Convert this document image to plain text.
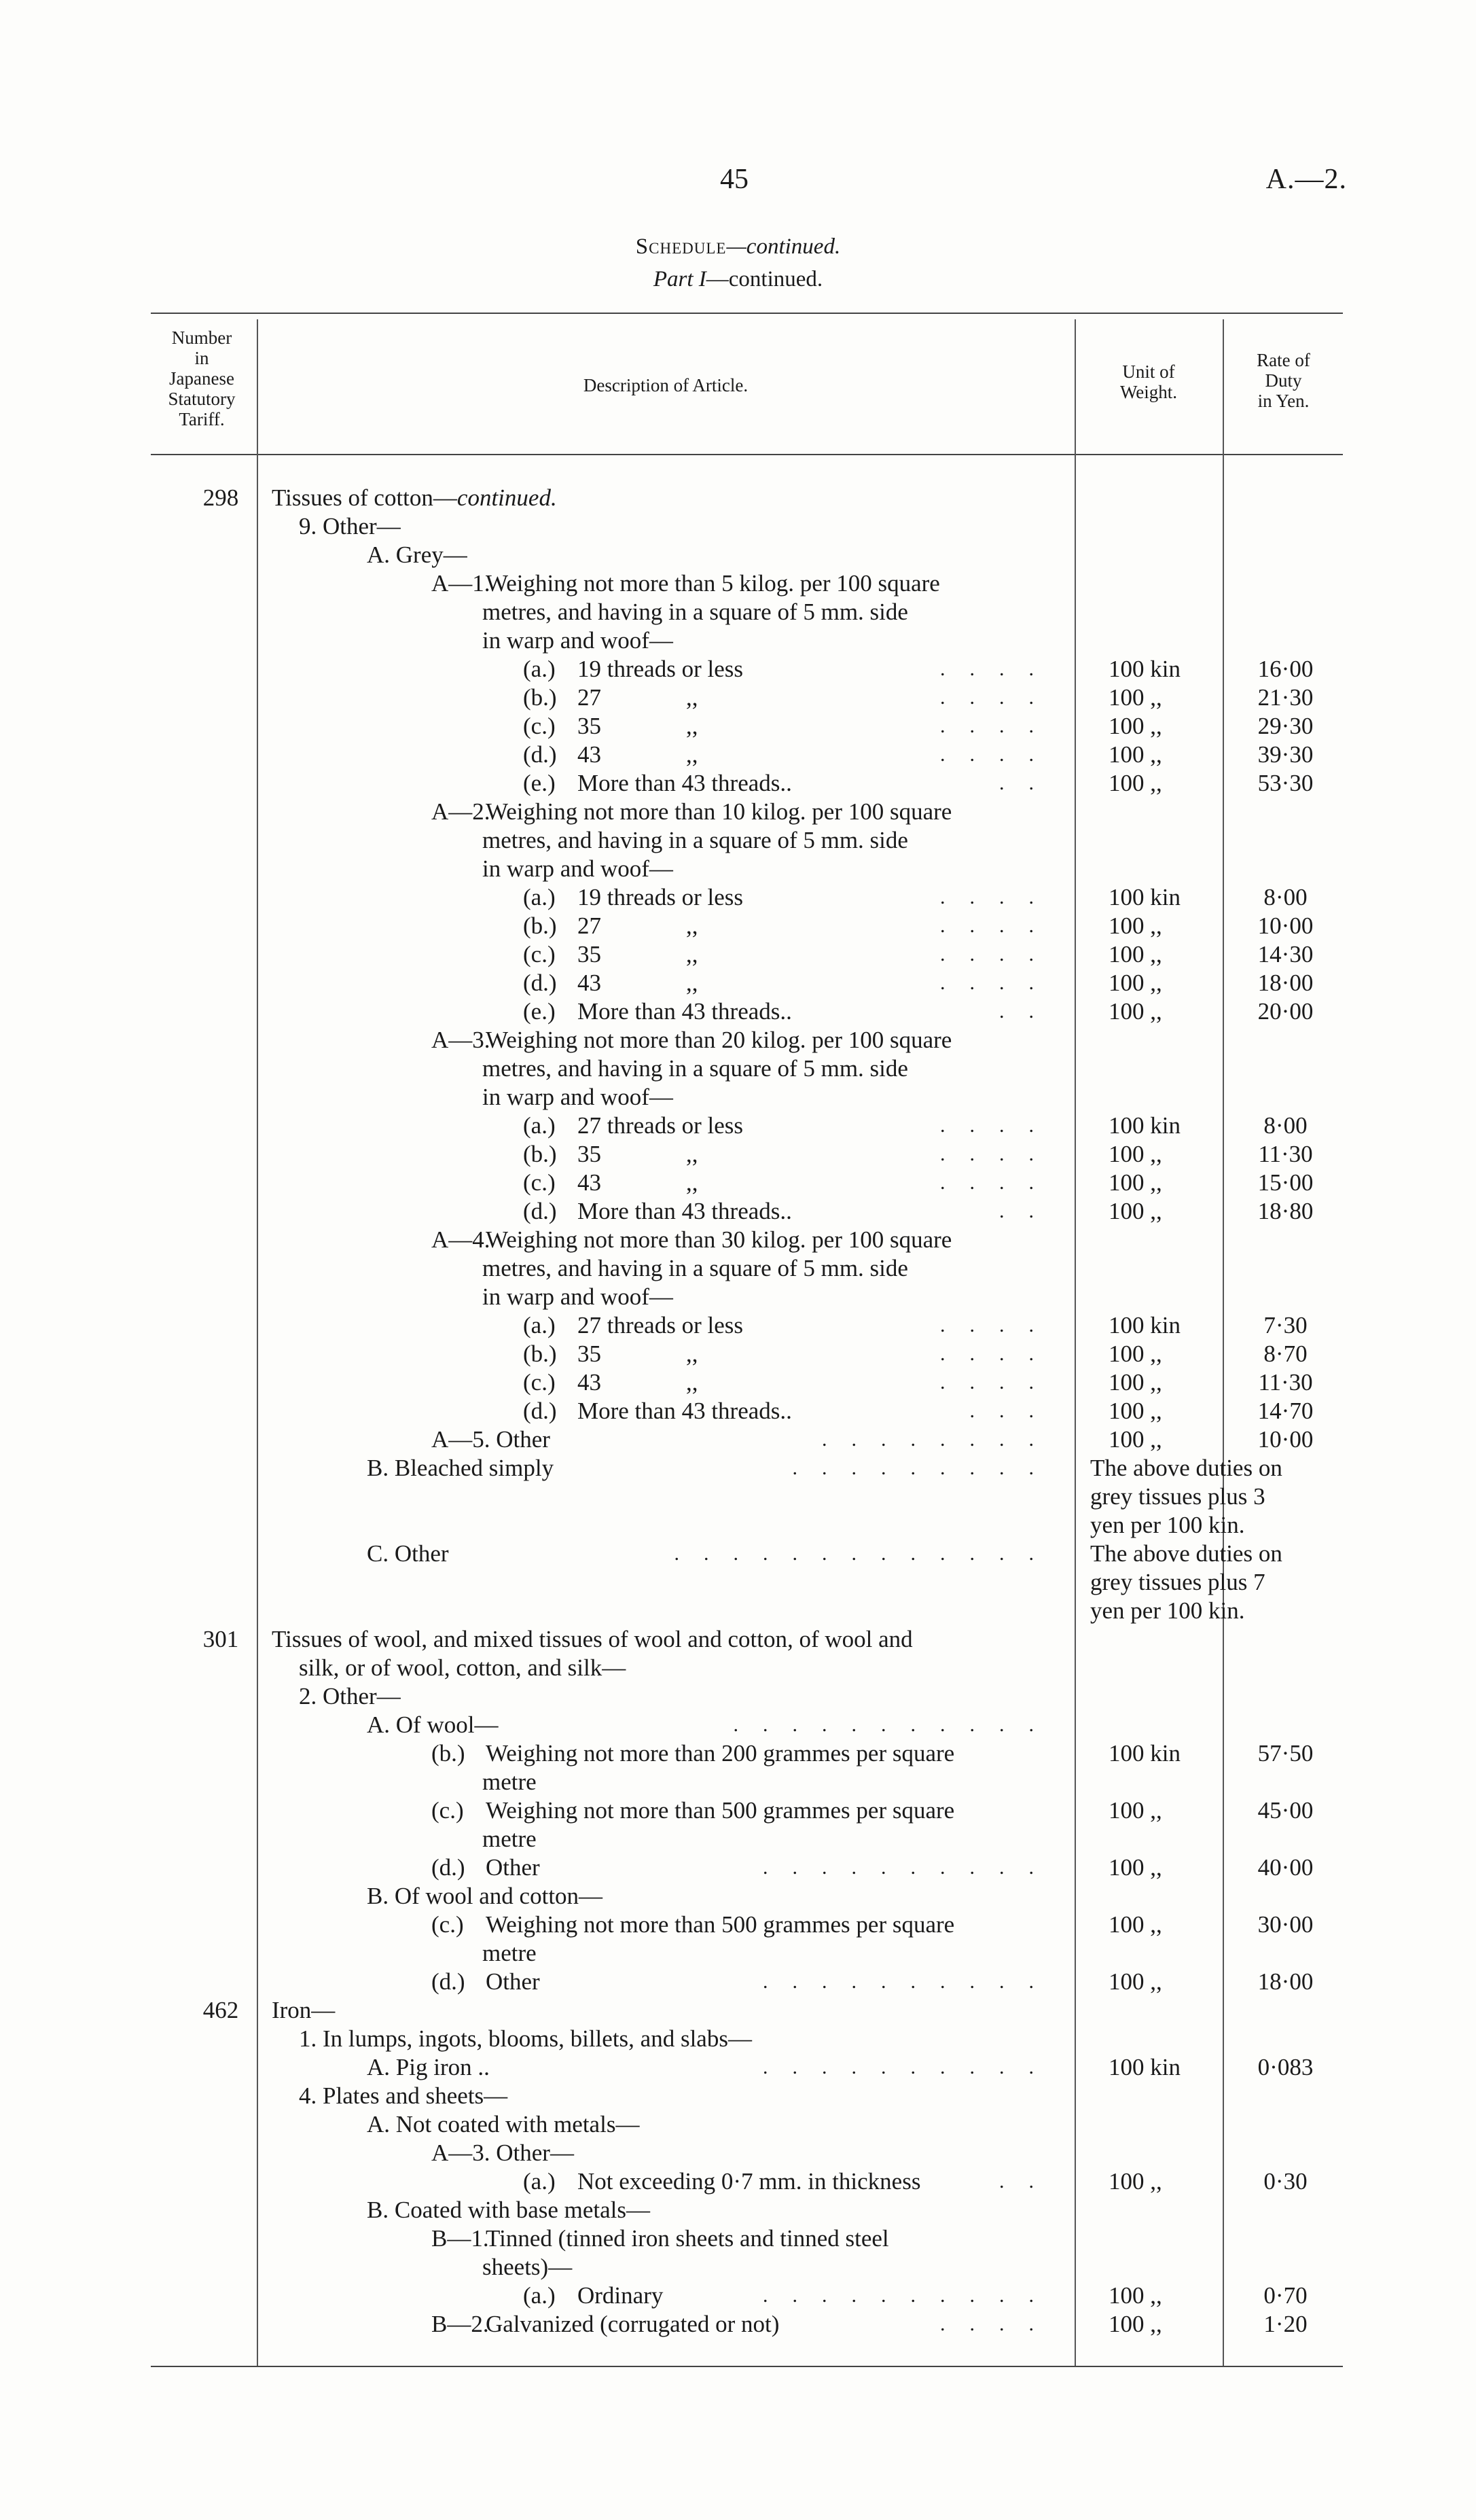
45	A.—2.
Schedule—continued.
Part I—continued.
Number
in
Japanese
Statutory
Tariff.
Description of Article.
Unit of
Weight.
Rate of
Duty
in Yen.
298	Tissues of cotton—continued.
9. Other—
A. Grey—
A—1.Weighing not more than 5 kilog. per 100 square
metres, and having in a square of 5 mm. side
in warp and woof—
(a.) 19 threads or less	.... 100 kin	16·00
(b.) 27	,,	.... 100 ,,	21·30
(c.) 35	,,	.... 100 ,,	29·30
(d.) 43	,,	.... 100 ,,	39·30
(e.) More than 43 threads..	.. 100 ,,	53·30
A—2.Weighing not more than 10 kilog. per 100 square
metres, and having in a square of 5 mm. side
in warp and woof—
(a.) 19 threads or less	.... 100 kin	8·00
(b.) 27	,,	.... 100 ,,	10·00
(c.) 35	,,	.... 100 ,,	14·30
(d.) 43	,,	.... 100 ,,	18·00
(e.) More than 43 threads..	.. 100 ,,	20·00
A—3.Weighing not more than 20 kilog. per 100 square
metres, and having in a square of 5 mm. side
in warp and woof—
(a.) 27 threads or less	.... 100 kin	8·00
(b.) 35	,,	.... 100 ,,	11·30
(c.) 43	,,	.... 100 ,,	15·00
(d.) More than 43 threads..	.. 100 ,,	18·80
A—4.Weighing not more than 30 kilog. per 100 square
metres, and having in a square of 5 mm. side
in warp and woof—
(a.) 27 threads or less	.... 100 kin	7·30
(b.) 35	,,	.... 100 ,,	8·70
(c.) 43	,,	.... 100 ,,	11·30
(d.) More than 43 threads..	... 100 ,,	14·70
A—5. Other	........ 100 ,,	10·00
B. Bleached simply	......... The above duties on
grey tissues plus 3
yen per 100 kin.
C. Other	............. The above duties on
grey tissues plus 7
yen per 100 kin.
301	Tissues of wool, and mixed tissues of wool and cotton, of wool and
silk, or of wool, cotton, and silk—
2. Other—
A. Of wool—	...........
(b.) Weighing not more than 200 grammes per square	100 kin	57·50
metre
(c.) Weighing not more than 500 grammes per square	100 ,,	45·00
metre
(d.) Other	.......... 100 ,,	40·00
B. Of wool and cotton—
(c.) Weighing not more than 500 grammes per square	100 ,,	30·00
metre
(d.) Other	.......... 100 ,,	18·00
462	Iron—
1. In lumps, ingots, blooms, billets, and slabs—
A. Pig iron ..	.......... 100 kin	0·083
4. Plates and sheets—
A. Not coated with metals—
A—3. Other—
(a.) Not exceeding 0·7 mm. in thickness	.. 100 ,,	0·30
B. Coated with base metals—
B—1.Tinned (tinned iron sheets and tinned steel
sheets)—
(a.) Ordinary	.......... 100 ,,	0·70
B—2.Galvanized (corrugated or not)	.... 100 ,,	1·20
